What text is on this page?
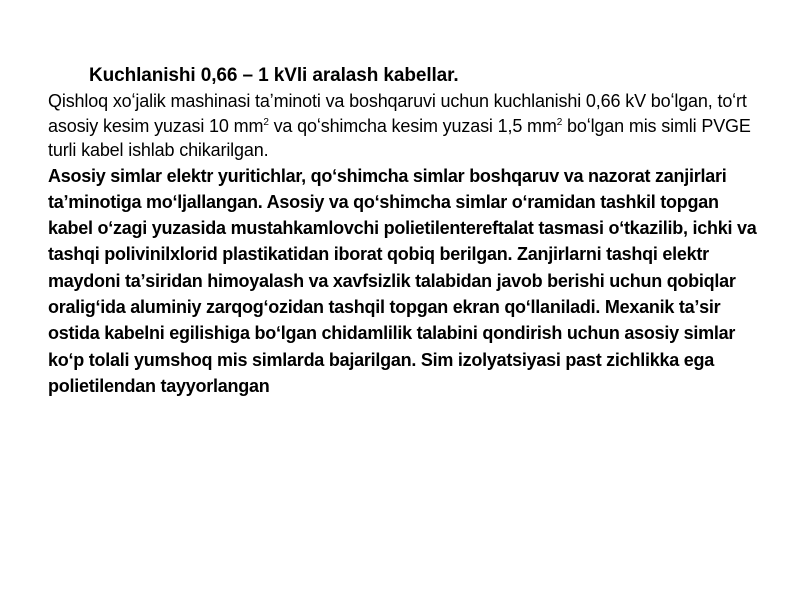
Kuchlanishi 0,66 – 1 kVli aralash kabellar.

Qishloq xoʻjalik mashinasi taʼminoti va boshqaruvi uchun kuchlanishi 0,66 kV boʻlgan, toʻrt asosiy kesim yuzasi 10 $mm^2$ va qoʻshimcha kesim yuzasi 1,5 $mm^2$ boʻlgan mis simli PVGE turli kabel ishlab chikarilgan.

Asosiy simlar elektr yuritichlar, qoʻshimcha simlar boshqaruv va nazorat zanjirlari taʼminotiga moʻljallangan. Asosiy va qoʻshimcha simlar oʻramidan tashkil topgan kabel oʻzagi yuzasida mustahkamlovchi polietilentereftalat tasmasi oʻtkazilib, ichki va tashqi polivinilxlorid plastikatidan iborat qobiq berilgan. Zanjirlarni tashqi elektr maydoni taʼsiridan himoyalash va xavfsizlik talabidan javob berishi uchun qobiqlar oraligʻida aluminiy zarqogʻozidan tashqil topgan ekran qoʻllaniladi. Mexanik taʼsir ostida kabelni egilishiga boʻlgan chidamlilik talabini qondirish uchun asosiy simlar koʻp tolali yumshoq mis simlarda bajarilgan. Sim izolyatsiyasi past zichlikka ega polietilendan tayyorlangan
